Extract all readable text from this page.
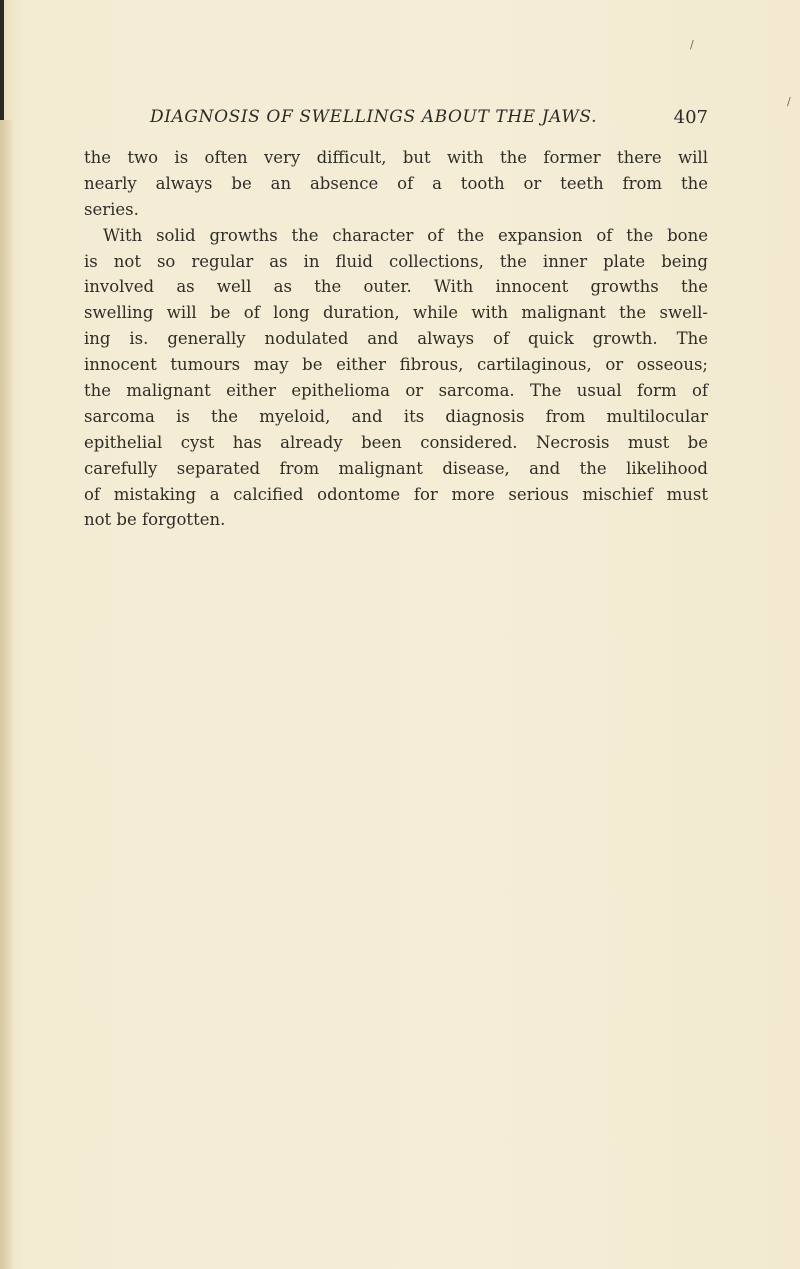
/
/
DIAGNOSIS OF SWELLINGS ABOUT THE JAWS.	407
the two is often very difficult, but with the former there will
nearly always be an absence of a tooth or teeth from the
series.
With solid growths the character of the expansion of the bone
is not so regular as in fluid collections, the inner plate being
involved as well as the outer. With innocent growths the
swelling will be of long duration, while with malignant the swell-
ing is. generally nodulated and always of quick growth. The
innocent tumours may be either fibrous, cartilaginous, or osseous;
the malignant either epithelioma or sarcoma. The usual form of
sarcoma is the myeloid, and its diagnosis from multilocular
epithelial cyst has already been considered. Necrosis must be
carefully separated from malignant disease, and the likelihood
of mistaking a calcified odontome for more serious mischief must
not be forgotten.
